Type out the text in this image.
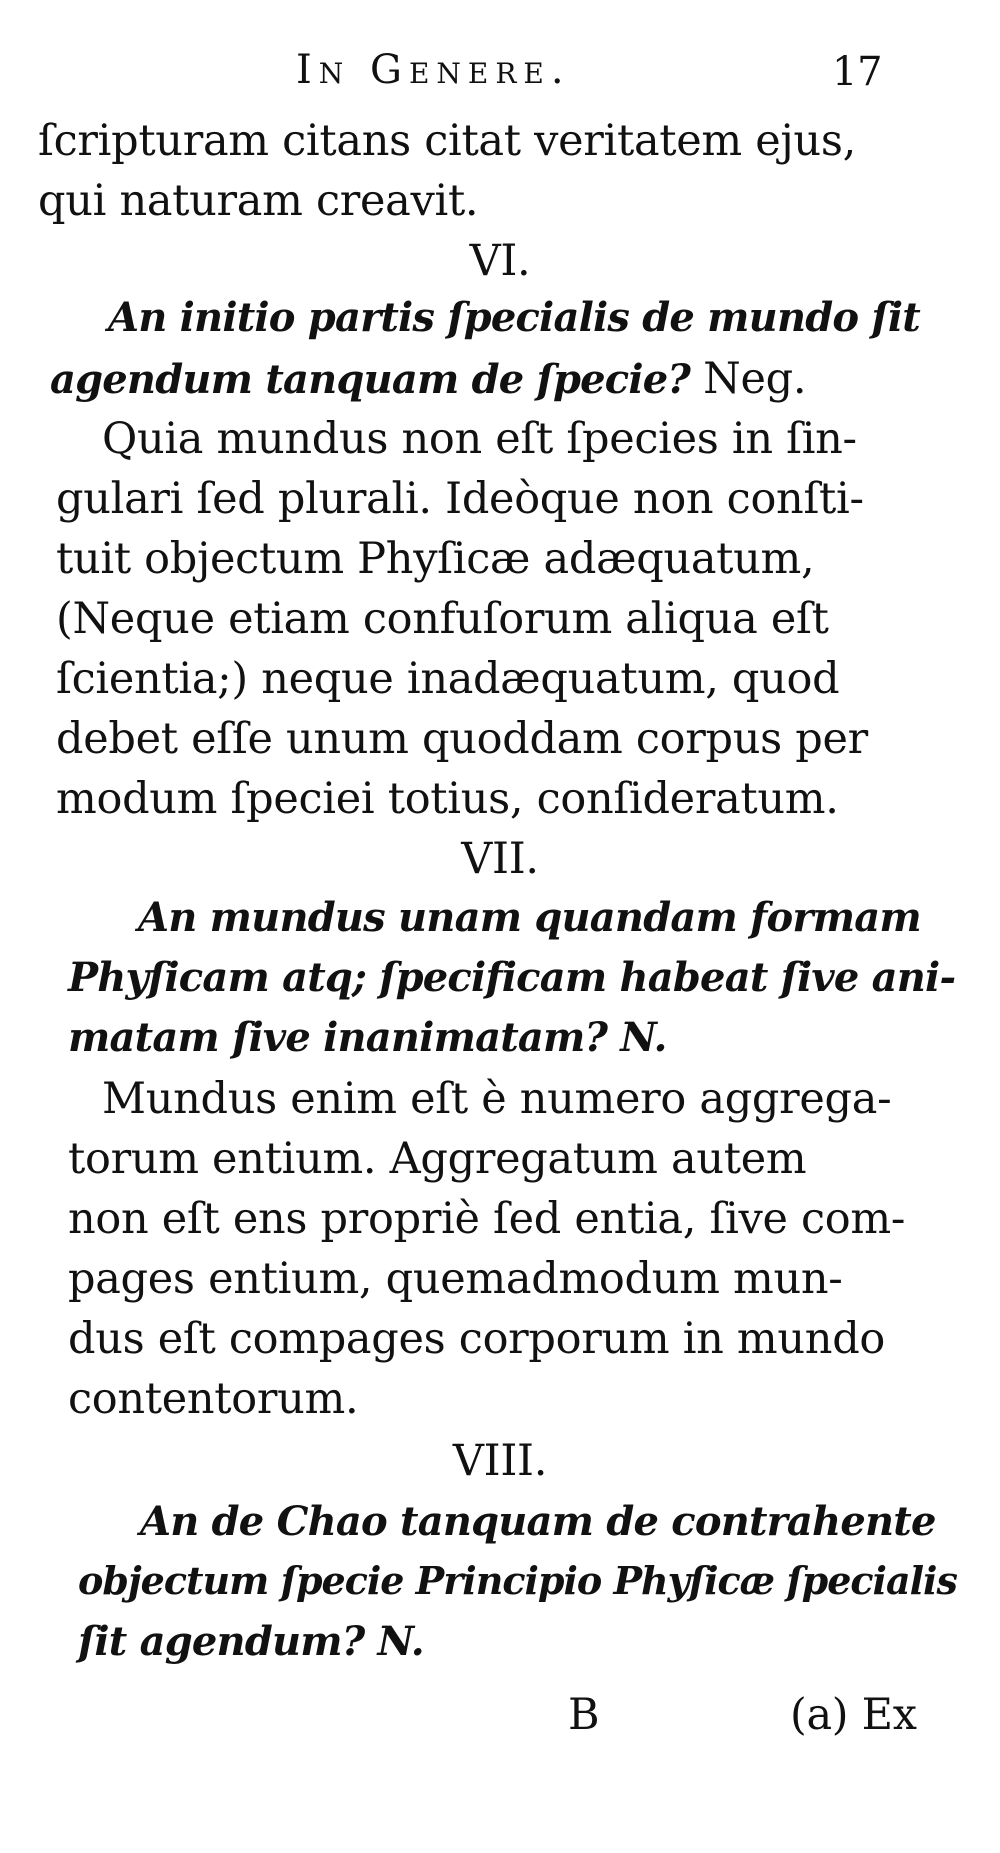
In Genere.	17
ſcripturam citans citat veritatem ejus,
qui naturam creavit.
VI.
An initio partis ſpecialis de mundo ſit
agendum tanquam de ſpecie? Neg.
Quia mundus non eſt ſpecies in ſin-
gulari ſed plurali. Ideòque non conſti-
tuit objectum Phyſicæ adæquatum,
(Neque etiam confuſorum aliqua eſt
ſcientia;) neque inadæquatum, quod
debet eſſe unum quoddam corpus per
modum ſpeciei totius, conſideratum.
VII.
An mundus unam quandam formam
Phyſicam atq; ſpecificam habeat ſive ani-
matam ſive inanimatam? N.
Mundus enim eſt è numero aggrega-
torum entium. Aggregatum autem
non eſt ens propriè ſed entia, ſive com-
pages entium, quemadmodum mun-
dus eſt compages corporum in mundo
contentorum.
VIII.
An de Chao tanquam de contrahente
objectum ſpecie Principio Phyſicæ ſpecialis
ſit agendum? N.
B	(a) Ex
